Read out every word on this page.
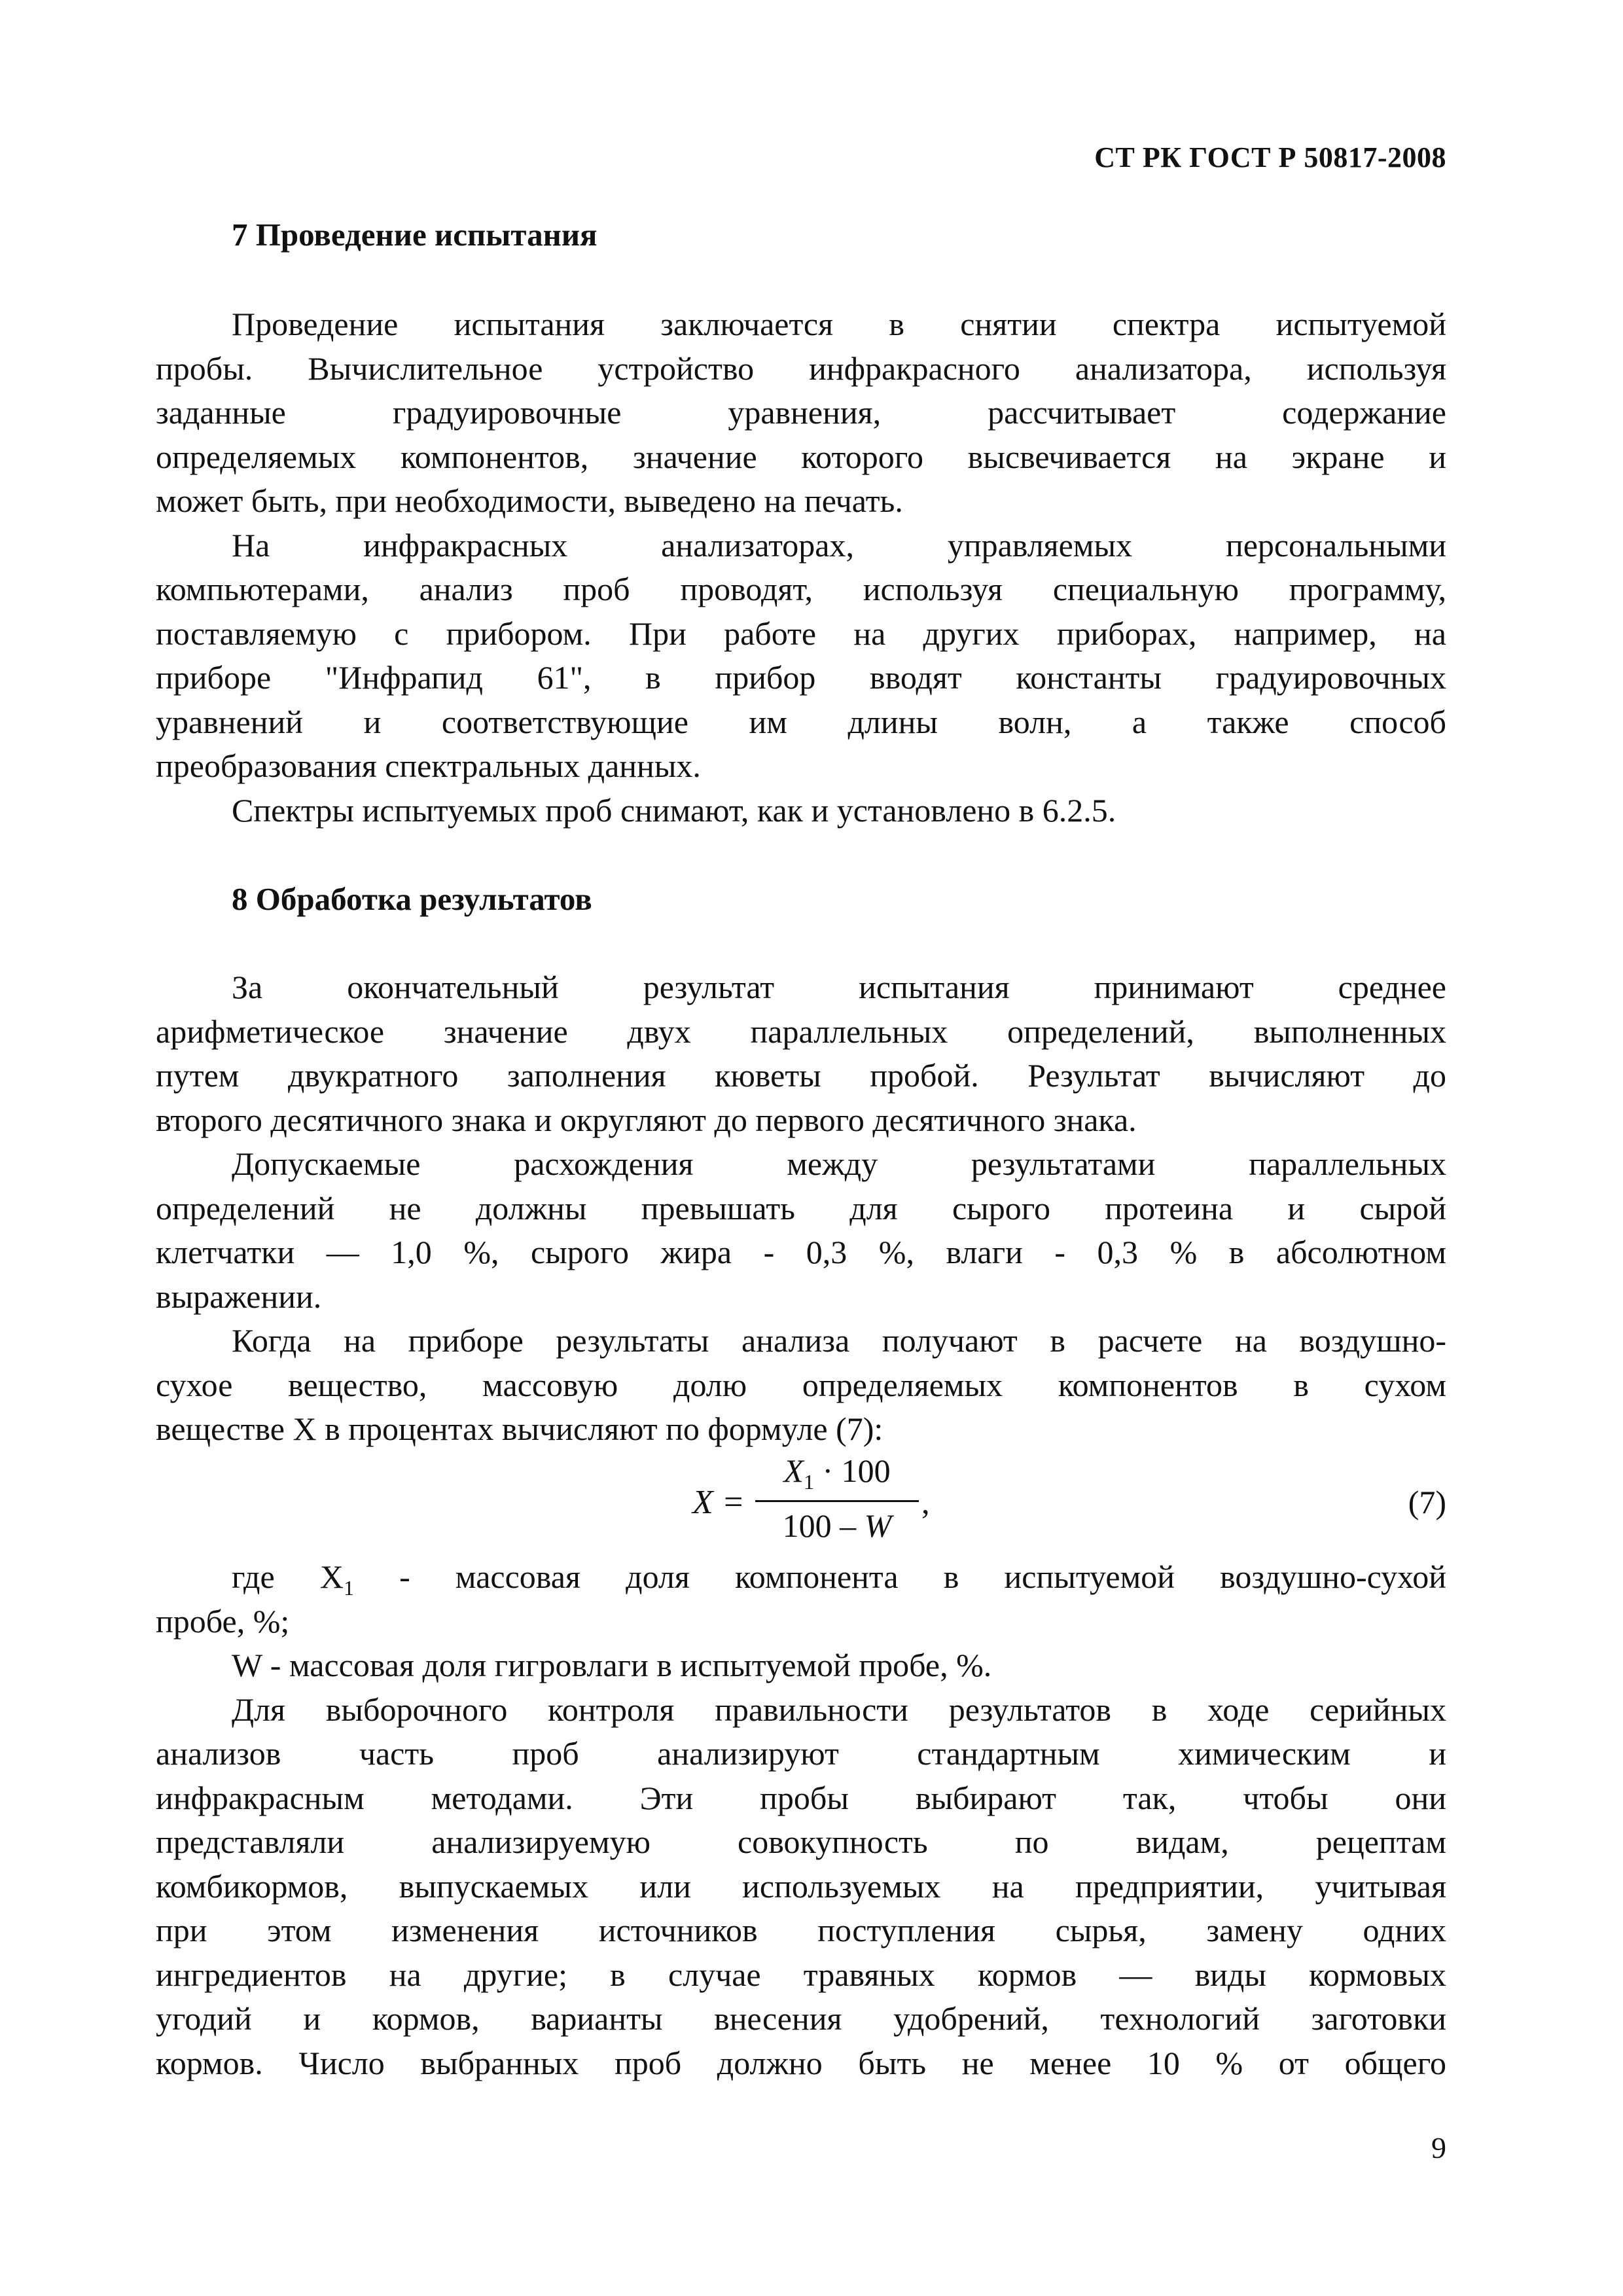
СТ РК ГОСТ Р 50817-2008
7 Проведение испытания
Проведение испытания заключается в снятии спектра испытуемой
пробы. Вычислительное устройство инфракрасного анализатора, используя
заданные градуировочные уравнения, рассчитывает содержание
определяемых компонентов, значение которого высвечивается на экране и
может быть, при необходимости, выведено на печать.
На инфракрасных анализаторах, управляемых персональными
компьютерами, анализ проб проводят, используя специальную программу,
поставляемую с прибором. При работе на других приборах, например, на
приборе "Инфрапид 61", в прибор вводят константы градуировочных
уравнений и соответствующие им длины волн, а также способ
преобразования спектральных данных.
Спектры испытуемых проб снимают, как и установлено в 6.2.5.
8 Обработка результатов
За окончательный результат испытания принимают среднее
арифметическое значение двух параллельных определений, выполненных
путем двукратного заполнения кюветы пробой. Результат вычисляют до
второго десятичного знака и округляют до первого десятичного знака.
Допускаемые расхождения между результатами параллельных
определений не должны превышать для сырого протеина и сырой
клетчатки — 1,0 %, сырого жира - 0,3 %, влаги - 0,3 % в абсолютном
выражении.
Когда на приборе результаты анализа получают в расчете на воздушно-
сухое вещество, массовую долю определяемых компонентов в сухом
веществе X в процентах вычисляют по формуле (7):
X =
$X_1 \cdot 100$
100 – W
,	(7)
где $X_1$ - массовая доля компонента в испытуемой воздушно-сухой
пробе, %;
W - массовая доля гигровлаги в испытуемой пробе, %.
Для выборочного контроля правильности результатов в ходе серийных
анализов часть проб анализируют стандартным химическим и
инфракрасным методами. Эти пробы выбирают так, чтобы они
представляли анализируемую совокупность по видам, рецептам
комбикормов, выпускаемых или используемых на предприятии, учитывая
при этом изменения источников поступления сырья, замену одних
ингредиентов на другие; в случае травяных кормов — виды кормовых
угодий и кормов, варианты внесения удобрений, технологий заготовки
кормов. Число выбранных проб должно быть не менее 10 % от общего
9
